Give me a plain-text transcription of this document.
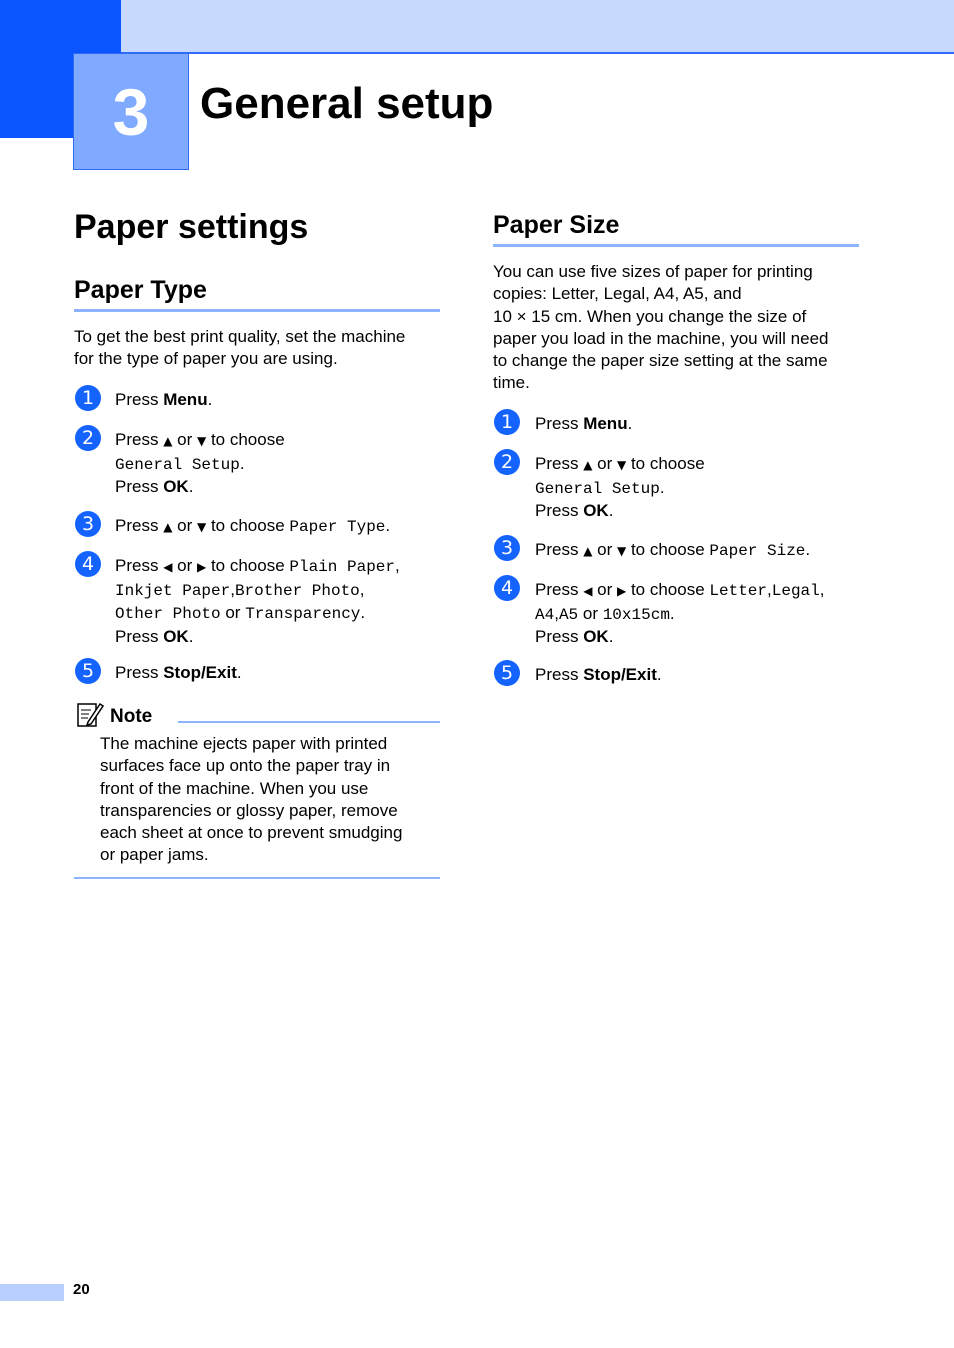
3 General setup
Paper settings
Paper Type
To get the best print quality, set the machine
for the type of paper you are using.
1	Press Menu.
2	Press ▲ or ▼ to choose
General Setup.
Press OK.
3	Press ▲ or ▼ to choose Paper Type.
4	Press ◀ or ▶ to choose Plain Paper,
Inkjet Paper,Brother Photo,
Other Photo or Transparency.
Press OK.
5	Press Stop/Exit.
Note
The machine ejects paper with printed
surfaces face up onto the paper tray in
front of the machine. When you use
transparencies or glossy paper, remove
each sheet at once to prevent smudging
or paper jams.
Paper Size
You can use five sizes of paper for printing
copies: Letter, Legal, A4, A5, and
10 × 15 cm. When you change the size of
paper you load in the machine, you will need
to change the paper size setting at the same
time.
1	Press Menu.
2	Press ▲ or ▼ to choose
General Setup.
Press OK.
3	Press ▲ or ▼ to choose Paper Size.
4	Press ◀ or ▶ to choose Letter,Legal,
A4,A5 or 10x15cm.
Press OK.
5	Press Stop/Exit.
20
